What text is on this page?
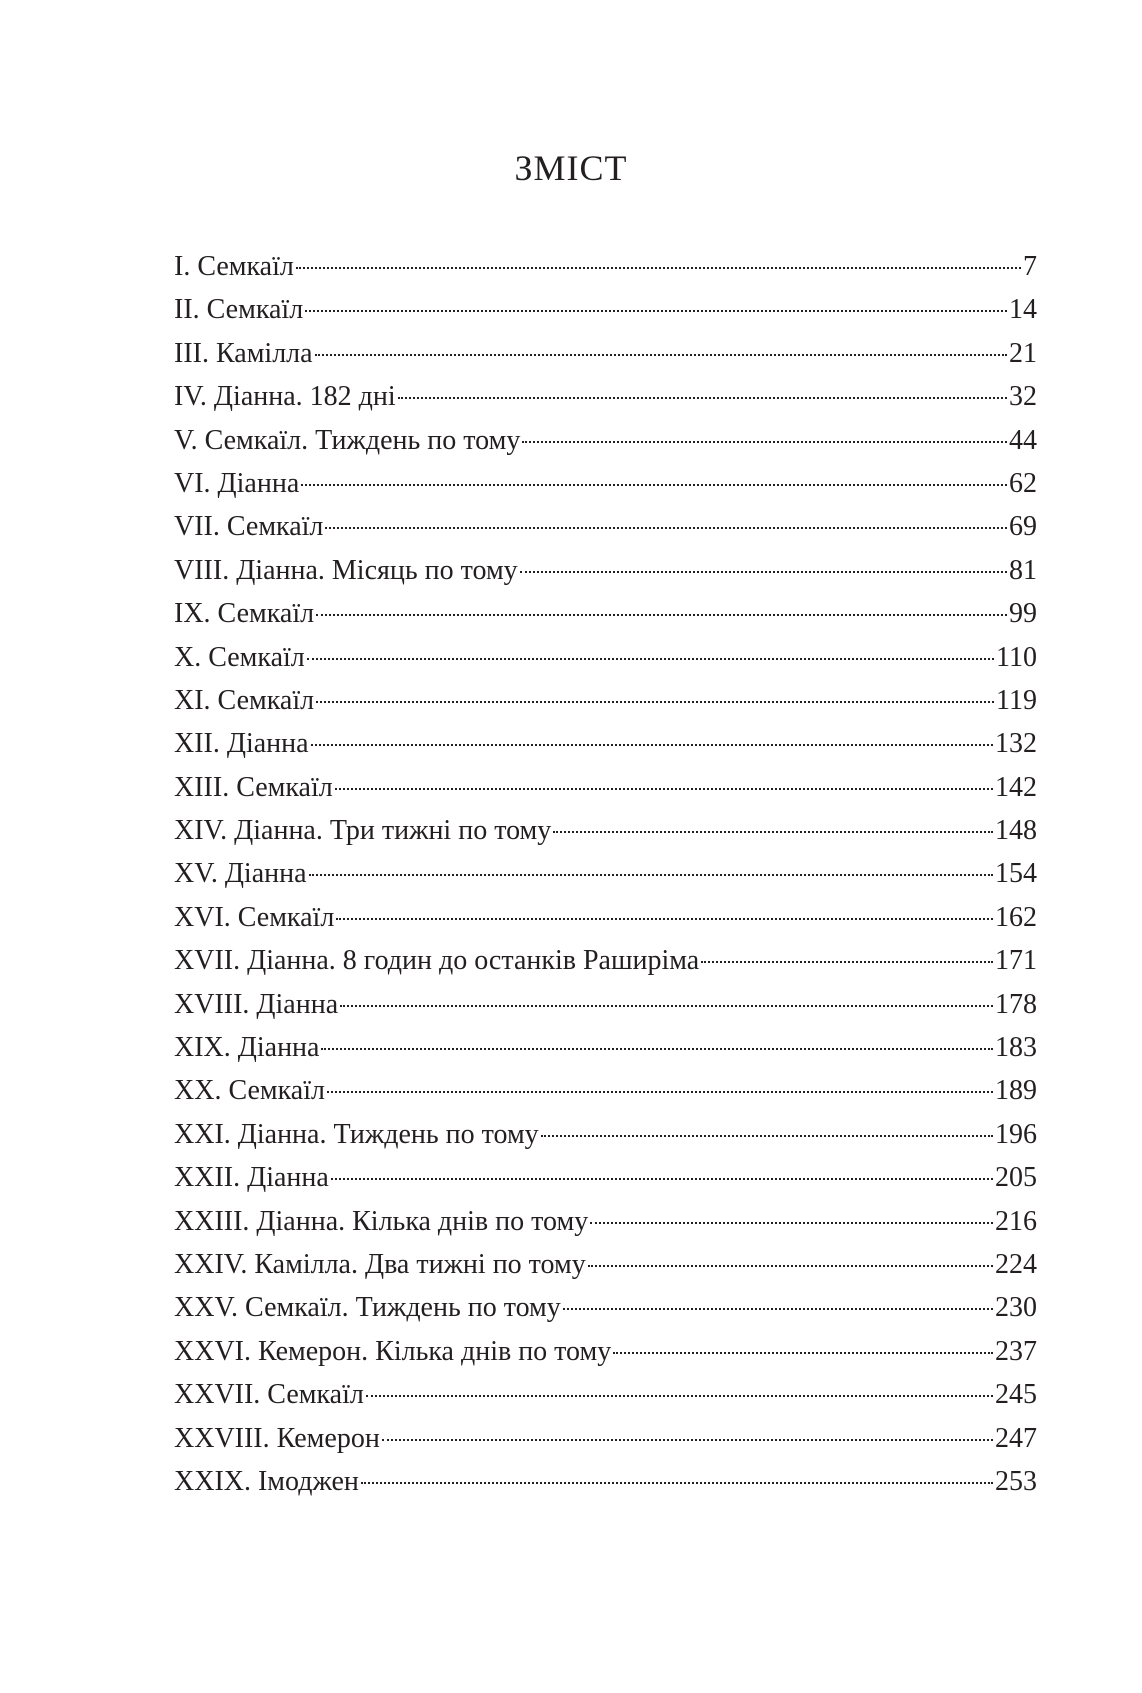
ЗМІСТ
I. Семкаїл	7
II. Семкаїл	14
III. Камілла	21
IV. Діанна. 182 дні	32
V. Семкаїл. Тиждень по тому	44
VI. Діанна	62
VII. Семкаїл	69
VIII. Діанна. Місяць по тому	81
IX. Семкаїл	99
X. Семкаїл	110
XI. Семкаїл	119
XII. Діанна	132
XIII. Семкаїл	142
XIV. Діанна. Три тижні по тому	148
XV. Діанна	154
XVI. Семкаїл	162
XVII. Діанна. 8 годин до останків Раширіма	171
XVIII. Діанна	178
XIX. Діанна	183
XX. Семкаїл	189
XXI. Діанна. Тиждень по тому	196
XXII. Діанна	205
XXIII. Діанна. Кілька днів по тому	216
XXIV. Камілла. Два тижні по тому	224
XXV. Семкаїл. Тиждень по тому	230
XXVI. Кемерон. Кілька днів по тому	237
XXVII. Семкаїл	245
XXVIII. Кемерон	247
XXIX. Імоджен	253
